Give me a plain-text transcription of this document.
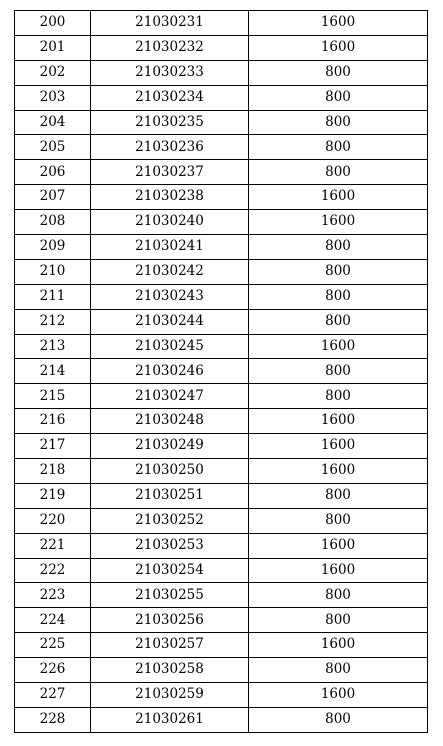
200	21030231	1600
201	21030232	1600
202	21030233	800
203	21030234	800
204	21030235	800
205	21030236	800
206	21030237	800
207	21030238	1600
208	21030240	1600
209	21030241	800
210	21030242	800
211	21030243	800
212	21030244	800
213	21030245	1600
214	21030246	800
215	21030247	800
216	21030248	1600
217	21030249	1600
218	21030250	1600
219	21030251	800
220	21030252	800
221	21030253	1600
222	21030254	1600
223	21030255	800
224	21030256	800
225	21030257	1600
226	21030258	800
227	21030259	1600
228	21030261	800
